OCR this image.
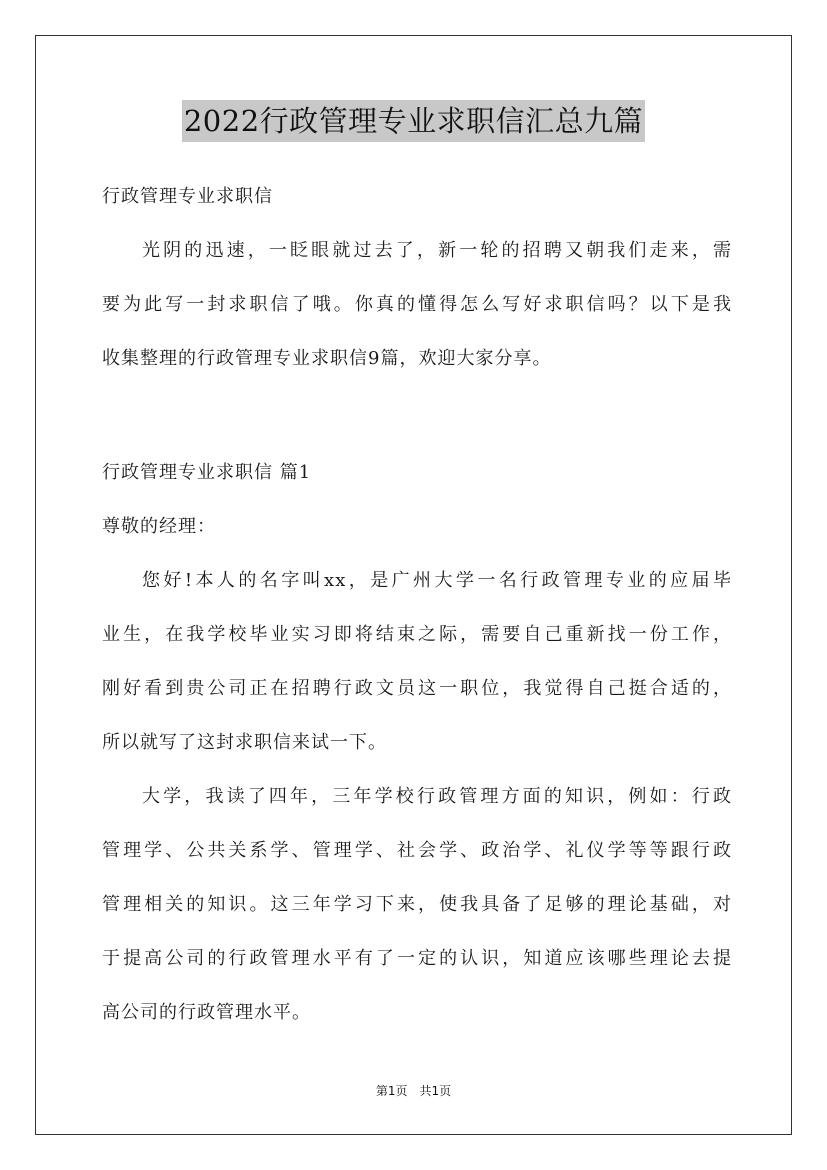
2022行政管理专业求职信汇总九篇
行政管理专业求职信
光阴的迅速，一眨眼就过去了，新一轮的招聘又朝我们走来，需
要为此写一封求职信了哦。你真的懂得怎么写好求职信吗？以下是我
收集整理的行政管理专业求职信9篇，欢迎大家分享。
行政管理专业求职信 篇1
尊敬的经理：
您好!本人的名字叫xx，是广州大学一名行政管理专业的应届毕
业生，在我学校毕业实习即将结束之际，需要自己重新找一份工作，
刚好看到贵公司正在招聘行政文员这一职位，我觉得自己挺合适的，
所以就写了这封求职信来试一下。
大学，我读了四年，三年学校行政管理方面的知识，例如：行政
管理学、公共关系学、管理学、社会学、政治学、礼仪学等等跟行政
管理相关的知识。这三年学习下来，使我具备了足够的理论基础，对
于提高公司的行政管理水平有了一定的认识，知道应该哪些理论去提
高公司的行政管理水平。
第1页 共1页
